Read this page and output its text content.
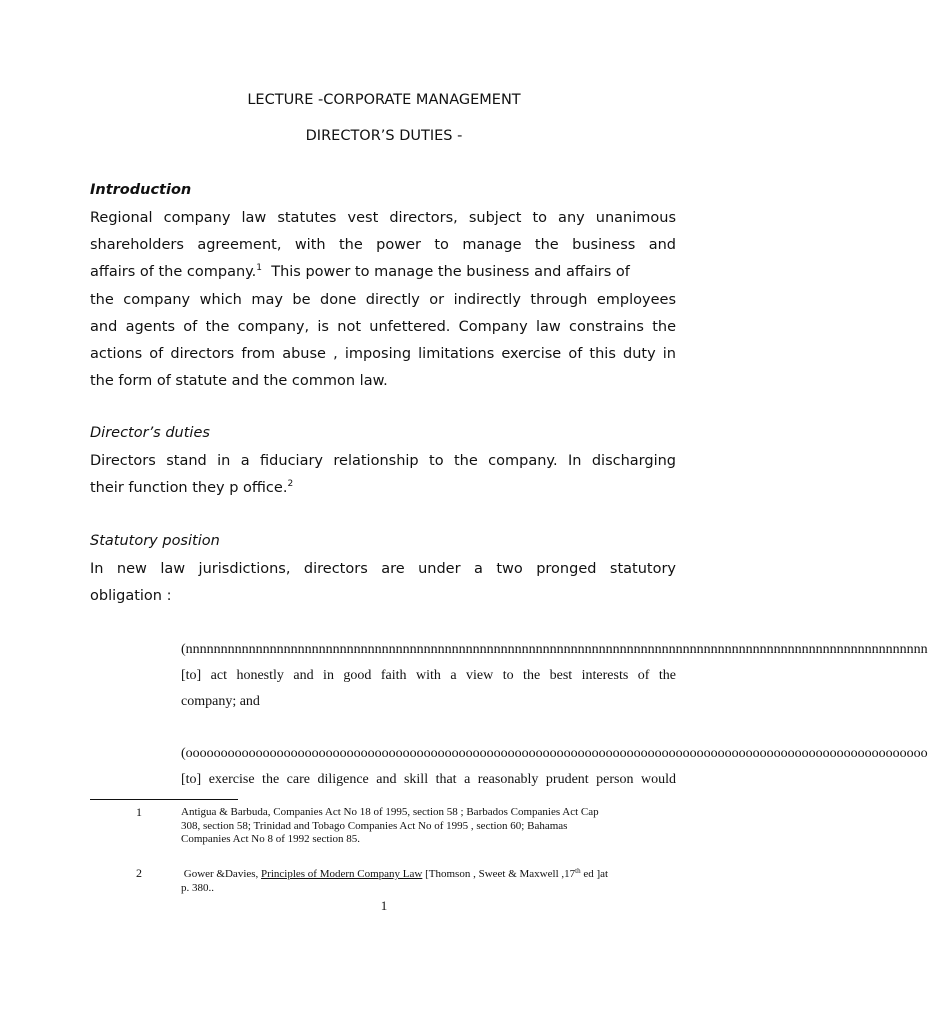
LECTURE -CORPORATE MANAGEMENT
DIRECTOR’S DUTIES -
Introduction
Regional company law statutes vest directors, subject to any unanimous
shareholders agreement, with the power to manage the business and
affairs of the company.$^1$  This power to manage the business and affairs of
the company which may be done directly or indirectly through employees
and agents of the company, is not unfettered. Company law constrains the
actions of directors from abuse , imposing limitations exercise of this duty in
the form of statute and the common law.
Director’s duties
Directors stand in a fiduciary relationship to the company. In discharging
their function they p office.$^2$
Statutory position
In new law jurisdictions, directors are under a two pronged statutory
obligation :
(nnnnnnnnnnnnnnnnnnnnnnnnnnnnnnnnnnnnnnnnnnnnnnnnnnnnnnnnnnnnnnnnnnnnnnnnnnnnnnnnnnnnnnnnnnnnnnnnnnnnnnnnnn
[to] act honestly and in good faith with a view to the best interests of the
company; and
(oooooooooooooooooooooooooooooooooooooooooooooooooooooooooooooooooooooooooooooooooooooooooooooooooooooooooo
[to] exercise the care diligence and skill that a reasonably prudent person would
1	Antigua & Barbuda, Companies Act No 18 of 1995, section 58 ; Barbados Companies Act Cap
308, section 58; Trinidad and Tobago Companies Act No of 1995 , section 60; Bahamas
Companies Act No 8 of 1992 section 85.
2	Gower &Davies, Principles of Modern Company Law [Thomson , Sweet & Maxwell ,17th ed ]at
p. 380..
1
